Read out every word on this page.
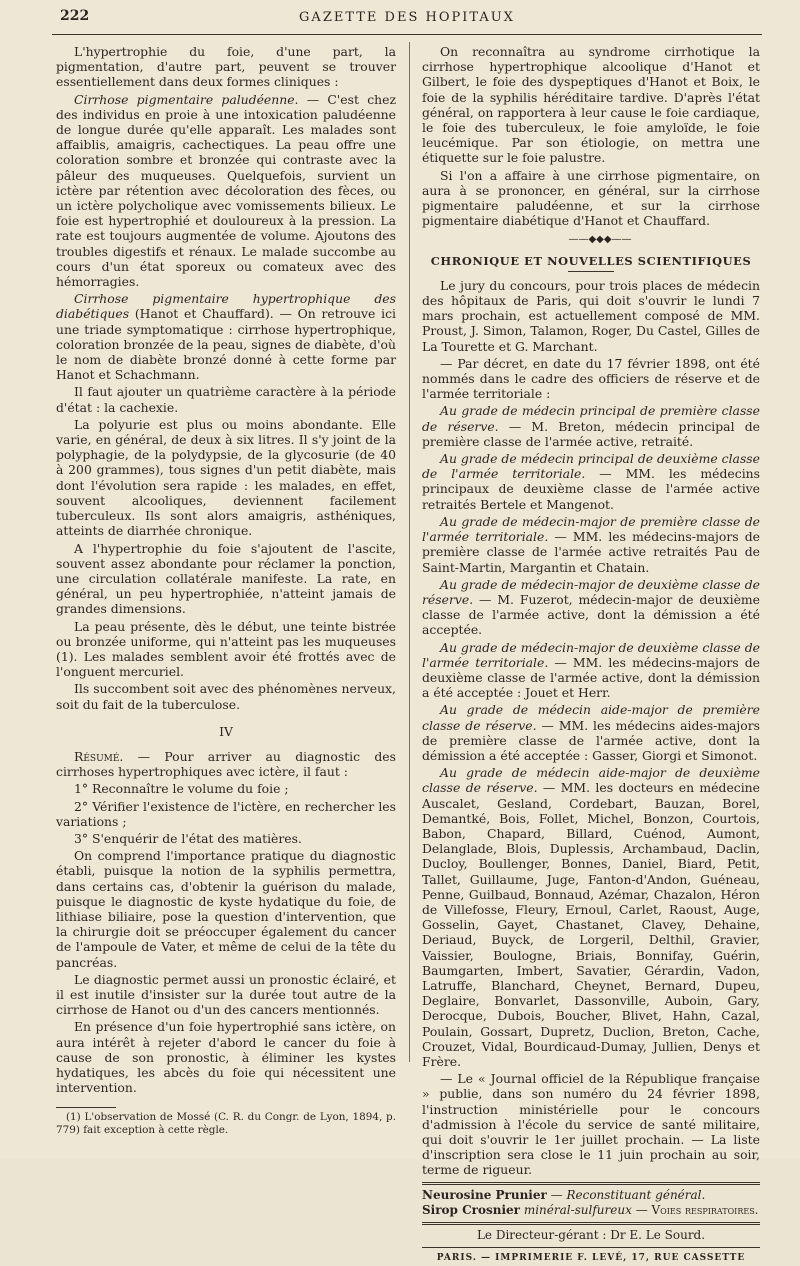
222	GAZETTE DES HOPITAUX

L'hypertrophie du foie, d'une part, la pigmentation, d'autre part, peuvent se trouver essentiellement dans deux formes cliniques :

Cirrhose pigmentaire paludéenne. — C'est chez des individus en proie à une intoxication paludéenne de longue durée qu'elle apparaît. Les malades sont affaiblis, amaigris, cachectiques. La peau offre une coloration sombre et bronzée qui contraste avec la pâleur des muqueuses. Quelquefois, survient un ictère par rétention avec décoloration des fèces, ou un ictère polycholique avec vomissements bilieux. Le foie est hypertrophié et douloureux à la pression. La rate est toujours augmentée de volume. Ajoutons des troubles digestifs et rénaux. Le malade succombe au cours d'un état sporeux ou comateux avec des hémorragies.

Cirrhose pigmentaire hypertrophique des diabétiques (Hanot et Chauffard). — On retrouve ici une triade symptomatique : cirrhose hypertrophique, coloration bronzée de la peau, signes de diabète, d'où le nom de diabète bronzé donné à cette forme par Hanot et Schachmann.

Il faut ajouter un quatrième caractère à la période d'état : la cachexie.

La polyurie est plus ou moins abondante. Elle varie, en général, de deux à six litres. Il s'y joint de la polyphagie, de la polydypsie, de la glycosurie (de 40 à 200 grammes), tous signes d'un petit diabète, mais dont l'évolution sera rapide : les malades, en effet, souvent alcooliques, deviennent facilement tuberculeux. Ils sont alors amaigris, asthéniques, atteints de diarrhée chronique.

A l'hypertrophie du foie s'ajoutent de l'ascite, souvent assez abondante pour réclamer la ponction, une circulation collatérale manifeste. La rate, en général, un peu hypertrophiée, n'atteint jamais de grandes dimensions.

La peau présente, dès le début, une teinte bistrée ou bronzée uniforme, qui n'atteint pas les muqueuses (1). Les malades semblent avoir été frottés avec de l'onguent mercuriel.

Ils succombent soit avec des phénomènes nerveux, soit du fait de la tuberculose.

IV

Résumé. — Pour arriver au diagnostic des cirrhoses hypertrophiques avec ictère, il faut :

1° Reconnaître le volume du foie ;

2° Vérifier l'existence de l'ictère, en rechercher les variations ;

3° S'enquérir de l'état des matières.

On comprend l'importance pratique du diagnostic établi, puisque la notion de la syphilis permettra, dans certains cas, d'obtenir la guérison du malade, puisque le diagnostic de kyste hydatique du foie, de lithiase biliaire, pose la question d'intervention, que la chirurgie doit se préoccuper également du cancer de l'ampoule de Vater, et même de celui de la tête du pancréas.

Le diagnostic permet aussi un pronostic éclairé, et il est inutile d'insister sur la durée tout autre de la cirrhose de Hanot ou d'un des cancers mentionnés.

En présence d'un foie hypertrophié sans ictère, on aura intérêt à rejeter d'abord le cancer du foie à cause de son pronostic, à éliminer les kystes hydatiques, les abcès du foie qui nécessitent une intervention.

(1) L'observation de Mossé (C. R. du Congr. de Lyon, 1894, p. 779) fait exception à cette règle.

On reconnaîtra au syndrome cirrhotique la cirrhose hypertrophique alcoolique d'Hanot et Gilbert, le foie des dyspeptiques d'Hanot et Boix, le foie de la syphilis héréditaire tardive. D'après l'état général, on rapportera à leur cause le foie cardiaque, le foie des tuberculeux, le foie amyloïde, le foie leucémique. Par son étiologie, on mettra une étiquette sur le foie palustre.

Si l'on a affaire à une cirrhose pigmentaire, on aura à se prononcer, en général, sur la cirrhose pigmentaire paludéenne, et sur la cirrhose pigmentaire diabétique d'Hanot et Chauffard.

——◆◆◆——

CHRONIQUE ET NOUVELLES SCIENTIFIQUES

Le jury du concours, pour trois places de médecin des hôpitaux de Paris, qui doit s'ouvrir le lundi 7 mars prochain, est actuellement composé de MM. Proust, J. Simon, Talamon, Roger, Du Castel, Gilles de La Tourette et G. Marchant.

— Par décret, en date du 17 février 1898, ont été nommés dans le cadre des officiers de réserve et de l'armée territoriale :

Au grade de médecin principal de première classe de réserve. — M. Breton, médecin principal de première classe de l'armée active, retraité.

Au grade de médecin principal de deuxième classe de l'armée territoriale. — MM. les médecins principaux de deuxième classe de l'armée active retraités Bertele et Mangenot.

Au grade de médecin-major de première classe de l'armée territoriale. — MM. les médecins-majors de première classe de l'armée active retraités Pau de Saint-Martin, Margantin et Chatain.

Au grade de médecin-major de deuxième classe de réserve. — M. Fuzerot, médecin-major de deuxième classe de l'armée active, dont la démission a été acceptée.

Au grade de médecin-major de deuxième classe de l'armée territoriale. — MM. les médecins-majors de deuxième classe de l'armée active, dont la démission a été acceptée : Jouet et Herr.

Au grade de médecin aide-major de première classe de réserve. — MM. les médecins aides-majors de première classe de l'armée active, dont la démission a été acceptée : Gasser, Giorgi et Simonot.

Au grade de médecin aide-major de deuxième classe de réserve. — MM. les docteurs en médecine Auscalet, Gesland, Cordebart, Bauzan, Borel, Demantké, Bois, Follet, Michel, Bonzon, Courtois, Babon, Chapard, Billard, Cuénod, Aumont, Delanglade, Blois, Duplessis, Archambaud, Daclin, Ducloy, Boullenger, Bonnes, Daniel, Biard, Petit, Tallet, Guillaume, Juge, Fanton-d'Andon, Guéneau, Penne, Guilbaud, Bonnaud, Azémar, Chazalon, Héron de Villefosse, Fleury, Ernoul, Carlet, Raoust, Auge, Gosselin, Gayet, Chastanet, Clavey, Dehaine, Deriaud, Buyck, de Lorgeril, Delthil, Gravier, Vaissier, Boulogne, Briais, Bonnifay, Guérin, Baumgarten, Imbert, Savatier, Gérardin, Vadon, Latruffe, Blanchard, Cheynet, Bernard, Dupeu, Deglaire, Bonvarlet, Dassonville, Auboin, Gary, Derocque, Dubois, Boucher, Blivet, Hahn, Cazal, Poulain, Gossart, Dupretz, Duclion, Breton, Cache, Crouzet, Vidal, Bourdicaud-Dumay, Jullien, Denys et Frère.

— Le « Journal officiel de la République française » publie, dans son numéro du 24 février 1898, l'instruction ministérielle pour le concours d'admission à l'école du service de santé militaire, qui doit s'ouvrir le 1er juillet prochain. — La liste d'inscription sera close le 11 juin prochain au soir, terme de rigueur.

Neurosine Prunier — Reconstituant général.

Sirop Crosnier minéral-sulfureux — Voies respiratoires.

Le Directeur-gérant : Dr E. Le Sourd.

PARIS. — IMPRIMERIE F. LEVÉ, 17, RUE CASSETTE
